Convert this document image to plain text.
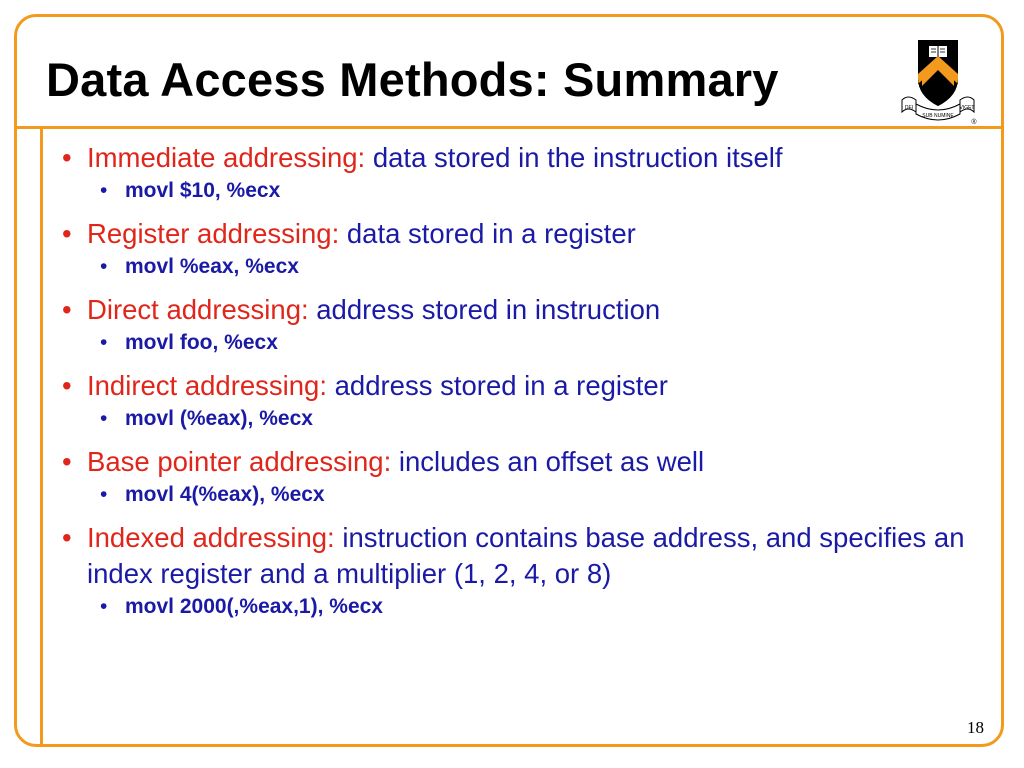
Data Access Methods: Summary
DEI
SUB NUMINE
VIGET
®
• Immediate addressing: data stored in the instruction itself
• movl $10, %ecx
• Register addressing: data stored in a register
• movl %eax, %ecx
• Direct addressing: address stored in instruction
• movl foo, %ecx
• Indirect addressing: address stored in a register
• movl (%eax), %ecx
• Base pointer addressing: includes an offset as well
• movl 4(%eax), %ecx
• Indexed addressing: instruction contains base address, and specifies an index register and a multiplier (1, 2, 4, or 8)
• movl 2000(,%eax,1), %ecx
18
